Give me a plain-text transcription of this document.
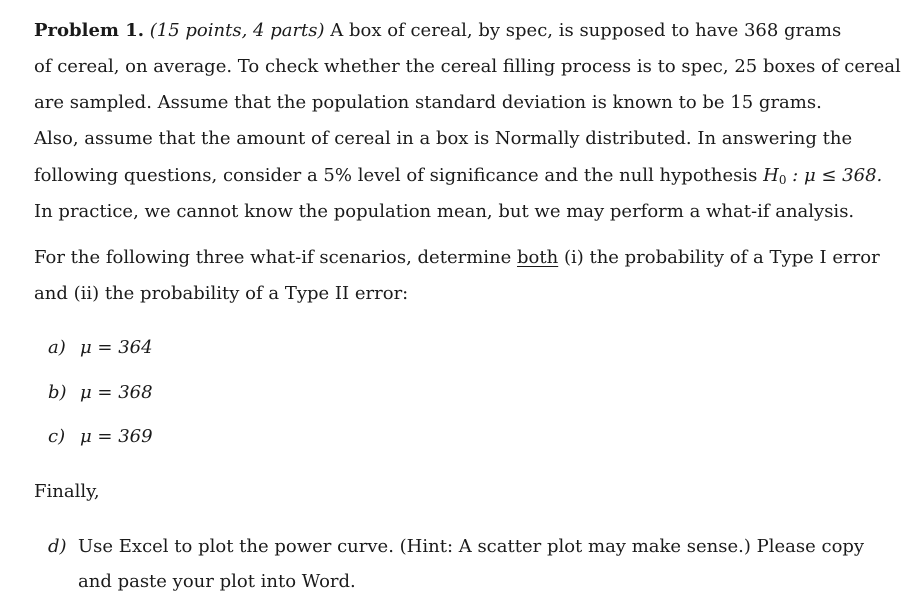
Problem 1. (15 points, 4 parts) A box of cereal, by spec, is supposed to have 368 grams
of cereal, on average. To check whether the cereal filling process is to spec, 25 boxes of cereal
are sampled. Assume that the population standard deviation is known to be 15 grams.
Also, assume that the amount of cereal in a box is Normally distributed. In answering the
following questions, consider a 5% level of significance and the null hypothesis $H_0$ : μ ≤ 368.
In practice, we cannot know the population mean, but we may perform a what-if analysis.
For the following three what-if scenarios, determine both (i) the probability of a Type I error
and (ii) the probability of a Type II error:
a) μ = 364
b) μ = 368
c) μ = 369
Finally,
d) Use Excel to plot the power curve. (Hint: A scatter plot may make sense.) Please copy
and paste your plot into Word.
